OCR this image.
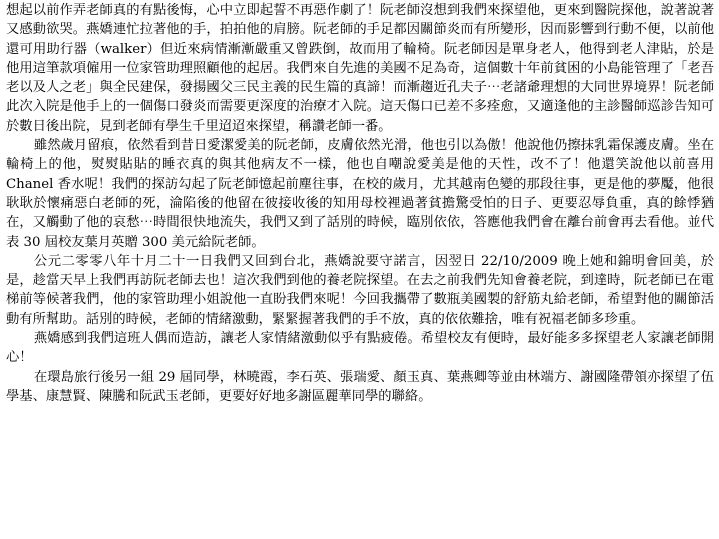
想起以前作弄老師真的有點後悔，心中立即起誓不再惡作劇了！阮老師沒想到我們來探望他，更來到醫院探他，說著說著又感動欲哭。燕嬌連忙拉著他的手，拍拍他的肩膀。阮老師的手足都因關節炎而有所變形，因而影響到行動不便，以前他還可用助行器（walker）但近來病情漸漸嚴重又曾跌倒，故而用了輪椅。阮老師因是單身老人，他得到老人津貼，於是他用這筆款項僱用一位家管助理照顧他的起居。我們來自先進的美國不足為奇，這個數十年前貧困的小島能管理了「老吾老以及人之老」與全民建保，發揚國父三民主義的民生篇的真諦！而漸趨近孔夫子⋯老諸爺理想的大同世界境界！阮老師此次入院是他手上的一個傷口發炎而需要更深度的治療才入院。這天傷口已差不多痊愈，又適逢他的主診醫師巡診告知可於數日後出院，見到老師有學生千里迢迢來探望，稱讚老師一番。

雖然歲月留痕，依然看到昔日愛潔愛美的阮老師，皮膚依然光滑，他也引以為傲！他說他仍擦抹乳霜保護皮膚。坐在輪椅上的他，熨熨貼貼的睡衣真的與其他病友不一樣，他也自嘲說愛美是他的天性，改不了！他還笑說他以前喜用 Chanel 香水呢！我們的探訪勾起了阮老師憶起前塵往事，在校的歲月，尤其越南色變的那段往事，更是他的夢魘，他很耿耿於懷痛惡白老師的死，淪陷後的他留在彼接收後的知用母校裡過著貧擔驚受怕的日子、更要忍辱負重，真的餘悸猶在，又觸動了他的哀愁⋯時間很快地流失，我們又到了話別的時候，臨別依依，答應他我們會在離台前會再去看他。並代表 30 屆校友葉月英贈 300 美元給阮老師。

公元二零零八年十月二十一日我們又回到台北，燕嬌說要守諾言，因翌日 22/10/2009 晚上她和錦明會回美，於是，趁當天早上我們再訪阮老師去也！這次我們到他的養老院探望。在去之前我們先知會養老院，到達時，阮老師已在電梯前等候著我們，他的家管助理小姐說他一直盼我們來呢！今回我攜帶了數瓶美國製的舒筋丸給老師，希望對他的關節活動有所幫助。話別的時候，老師的情緒激動，緊緊握著我們的手不放，真的依依難捨，唯有祝福老師多珍重。

燕嬌感到我們這班人偶而造訪，讓老人家情緒激動似乎有點疲倦。希望校友有便時，最好能多多探望老人家讓老師開心！

在環島旅行後另一組 29 屆同學，林曉霞，李石英、張瑞愛、顏玉真、葉燕卿等並由林端方、謝國隆帶領亦探望了伍學基、康慧賢、陳騰和阮武玉老師，更要好好地多謝區麗華同學的聯絡。
